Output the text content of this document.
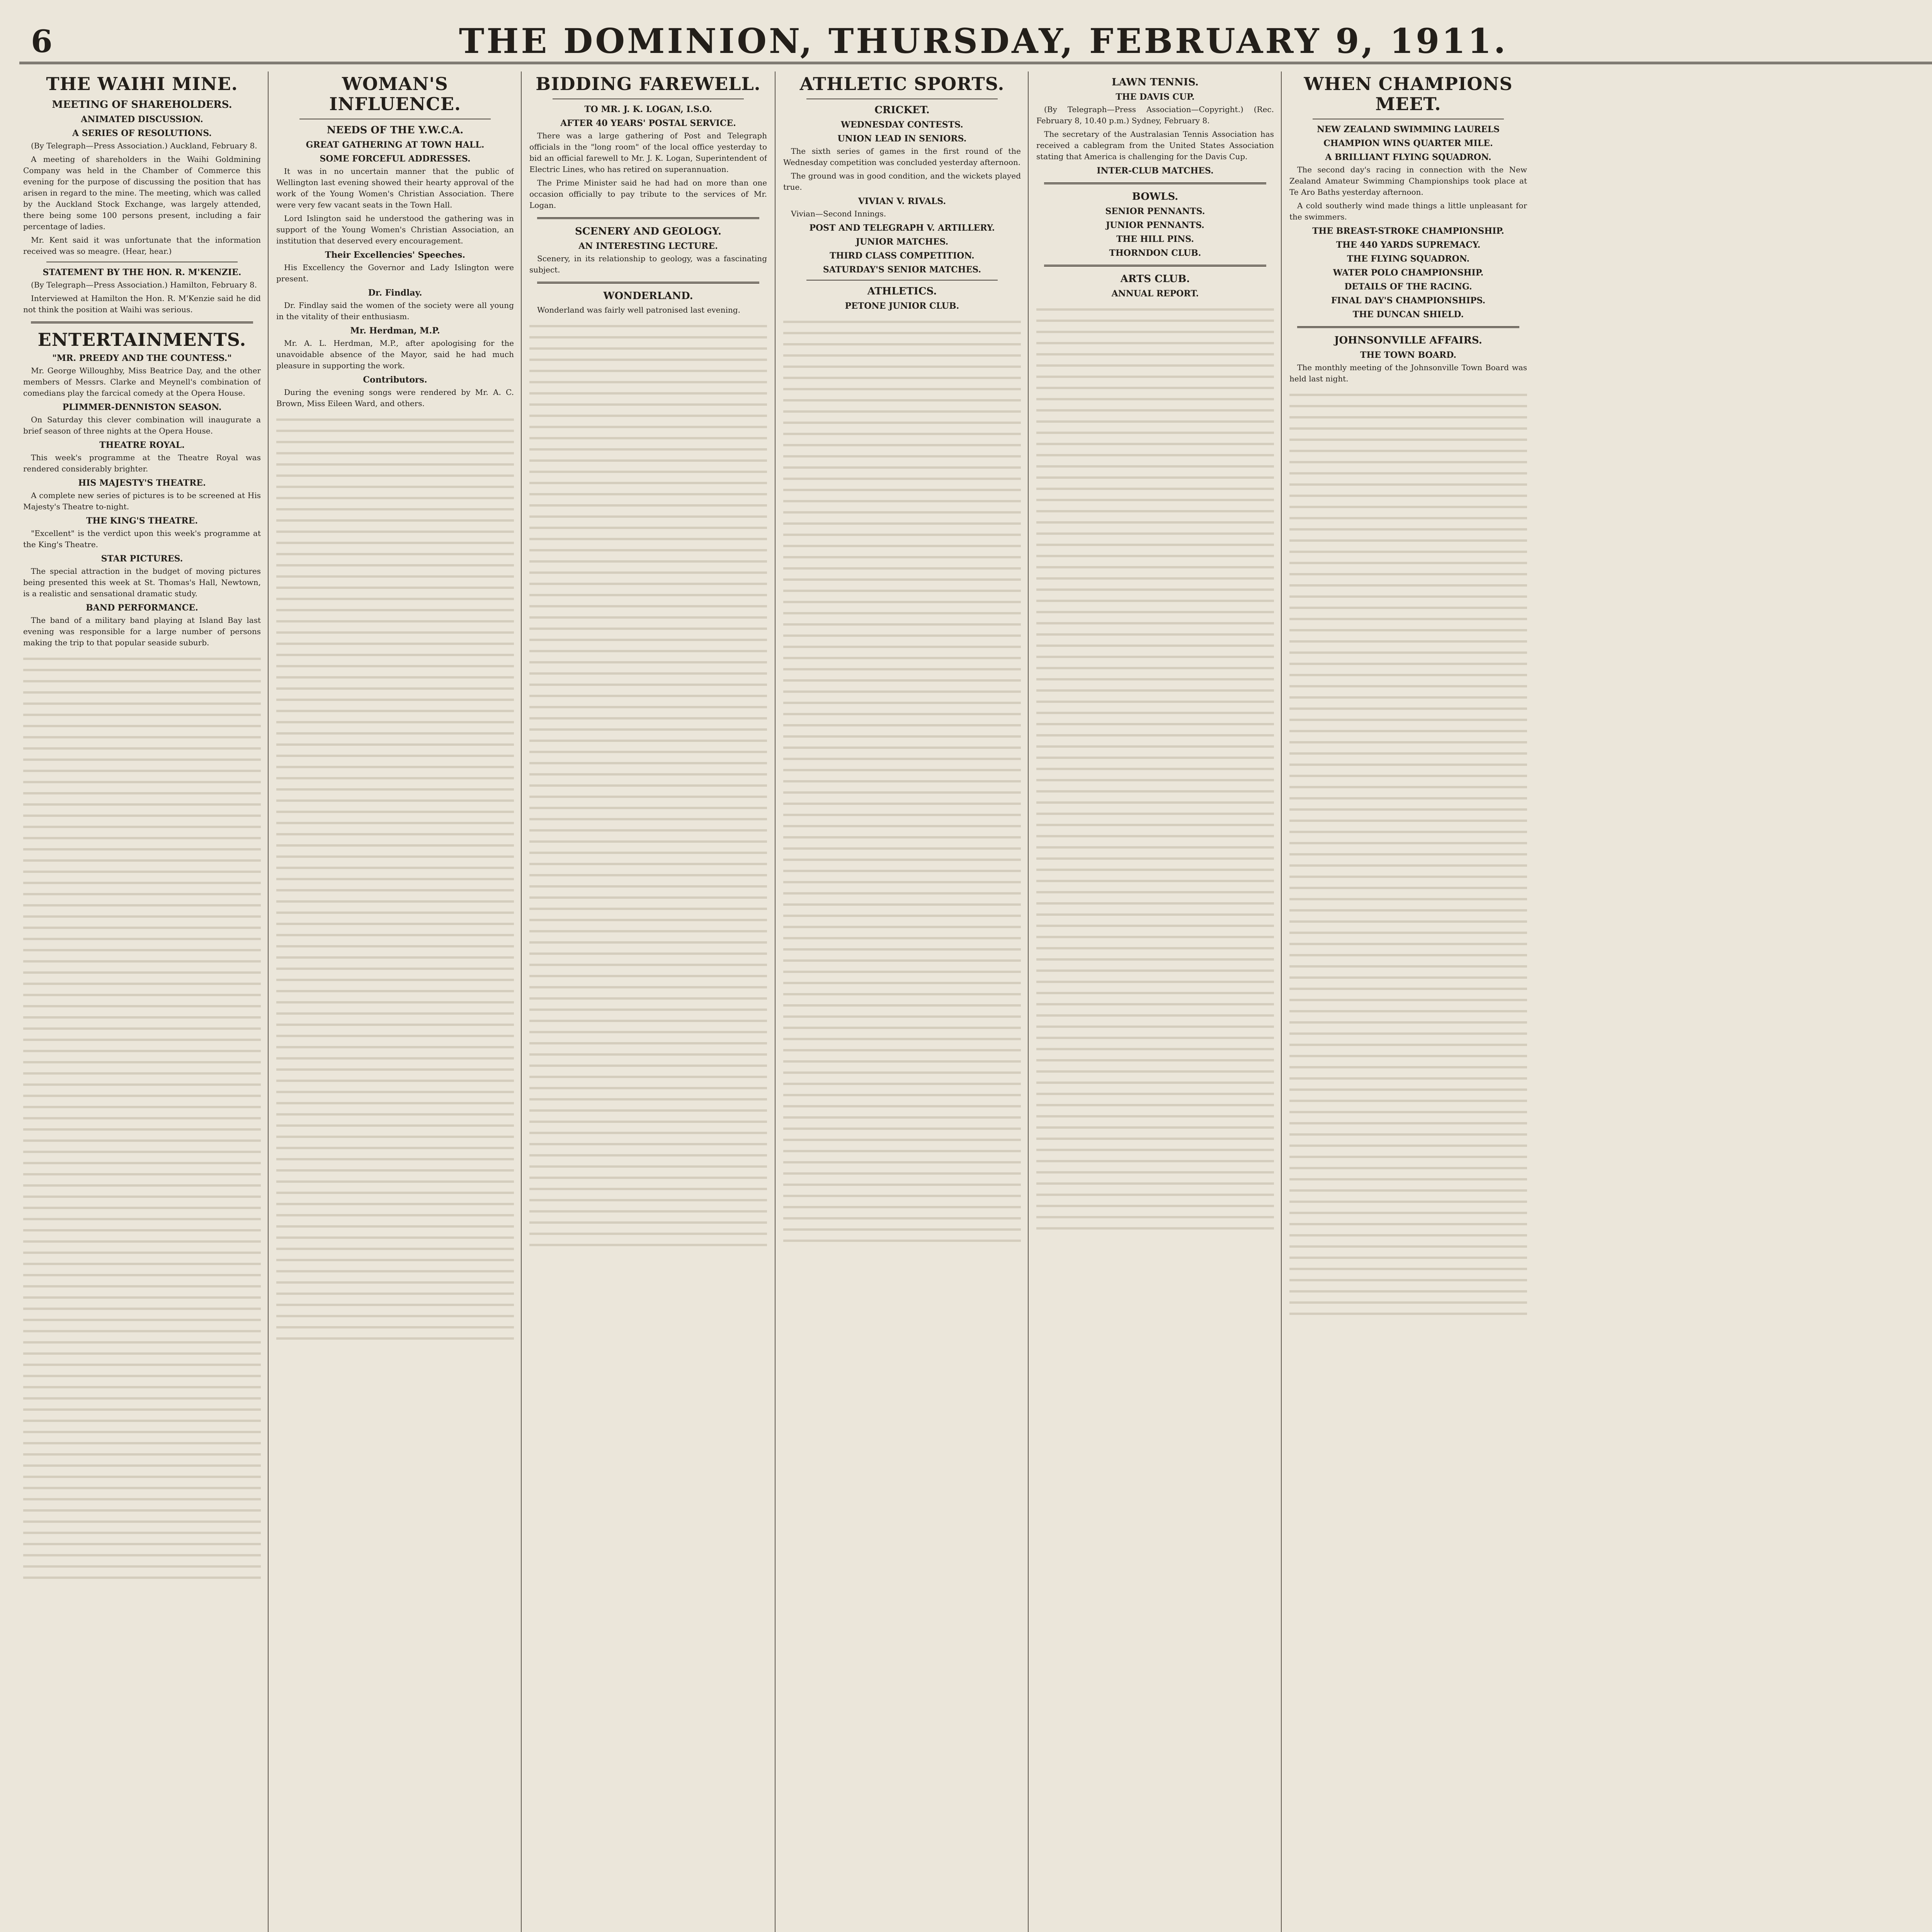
6	THE DOMINION, THURSDAY, FEBRUARY 9, 1911.
THE WAIHI MINE.
MEETING OF SHAREHOLDERS.
ANIMATED DISCUSSION.
A SERIES OF RESOLUTIONS.

(By Telegraph—Press Association.) Auckland, February 8.

A meeting of shareholders in the Waihi Goldmining Company was held in the Chamber of Commerce this evening for the purpose of discussing the position that has arisen in regard to the mine. The meeting, which was called by the Auckland Stock Exchange, was largely attended, there being some 100 persons present, including a fair percentage of ladies.

Mr. Kent said it was unfortunate that the information received was so meagre. (Hear, hear.)

STATEMENT BY THE HON. R. M'KENZIE.

(By Telegraph—Press Association.) Hamilton, February 8.

Interviewed at Hamilton the Hon. R. M'Kenzie said he did not think the position at Waihi was serious.

ENTERTAINMENTS.
"MR. PREEDY AND THE COUNTESS."

Mr. George Willoughby, Miss Beatrice Day, and the other members of Messrs. Clarke and Meynell's combination of comedians play the farcical comedy at the Opera House.

PLIMMER-DENNISTON SEASON.

On Saturday this clever combination will inaugurate a brief season of three nights at the Opera House.

THEATRE ROYAL.

This week's programme at the Theatre Royal was rendered considerably brighter.

HIS MAJESTY'S THEATRE.

A complete new series of pictures is to be screened at His Majesty's Theatre to-night.

THE KING'S THEATRE.

"Excellent" is the verdict upon this week's programme at the King's Theatre.

STAR PICTURES.

The special attraction in the budget of moving pictures being presented this week at St. Thomas's Hall, Newtown, is a realistic and sensational dramatic study.

BAND PERFORMANCE.

The band of a military band playing at Island Bay last evening was responsible for a large number of persons making the trip to that popular seaside suburb.

WOMAN'S INFLUENCE.
NEEDS OF THE Y.W.C.A.
GREAT GATHERING AT TOWN HALL.
SOME FORCEFUL ADDRESSES.

It was in no uncertain manner that the public of Wellington last evening showed their hearty approval of the work of the Young Women's Christian Association. There were very few vacant seats in the Town Hall.

Lord Islington said he understood the gathering was in support of the Young Women's Christian Association, an institution that deserved every encouragement.

Their Excellencies' Speeches.

His Excellency the Governor and Lady Islington were present.

Dr. Findlay.

Dr. Findlay said the women of the society were all young in the vitality of their enthusiasm.

Mr. Herdman, M.P.

Mr. A. L. Herdman, M.P., after apologising for the unavoidable absence of the Mayor, said he had much pleasure in supporting the work.

Contributors.

During the evening songs were rendered by Mr. A. C. Brown, Miss Eileen Ward, and others.

BIDDING FAREWELL.
TO MR. J. K. LOGAN, I.S.O.
AFTER 40 YEARS' POSTAL SERVICE.

There was a large gathering of Post and Telegraph officials in the "long room" of the local office yesterday to bid an official farewell to Mr. J. K. Logan, Superintendent of Electric Lines, who has retired on superannuation.

The Prime Minister said he had had on more than one occasion officially to pay tribute to the services of Mr. Logan.

SCENERY AND GEOLOGY.
AN INTERESTING LECTURE.

Scenery, in its relationship to geology, was a fascinating subject.

WONDERLAND.

Wonderland was fairly well patronised last evening.

ATHLETIC SPORTS.
CRICKET.
WEDNESDAY CONTESTS.
UNION LEAD IN SENIORS.

The sixth series of games in the first round of the Wednesday competition was concluded yesterday afternoon.

The ground was in good condition, and the wickets played true.

VIVIAN V. RIVALS.

Vivian—Second Innings.

POST AND TELEGRAPH V. ARTILLERY.
JUNIOR MATCHES.
THIRD CLASS COMPETITION.
SATURDAY'S SENIOR MATCHES.
ATHLETICS.
PETONE JUNIOR CLUB.
LAWN TENNIS.
THE DAVIS CUP.

(By Telegraph—Press Association—Copyright.) (Rec. February 8, 10.40 p.m.) Sydney, February 8.

The secretary of the Australasian Tennis Association has received a cablegram from the United States Association stating that America is challenging for the Davis Cup.

INTER-CLUB MATCHES.
BOWLS.
SENIOR PENNANTS.
JUNIOR PENNANTS.
THE HILL PINS.
THORNDON CLUB.
ARTS CLUB.
ANNUAL REPORT.
WHEN CHAMPIONS MEET.
NEW ZEALAND SWIMMING LAURELS
CHAMPION WINS QUARTER MILE.
A BRILLIANT FLYING SQUADRON.

The second day's racing in connection with the New Zealand Amateur Swimming Championships took place at Te Aro Baths yesterday afternoon.

A cold southerly wind made things a little unpleasant for the swimmers.

THE BREAST-STROKE CHAMPIONSHIP.
THE 440 YARDS SUPREMACY.
THE FLYING SQUADRON.
WATER POLO CHAMPIONSHIP.
DETAILS OF THE RACING.
FINAL DAY'S CHAMPIONSHIPS.
THE DUNCAN SHIELD.
JOHNSONVILLE AFFAIRS.
THE TOWN BOARD.

The monthly meeting of the Johnsonville Town Board was held last night.
